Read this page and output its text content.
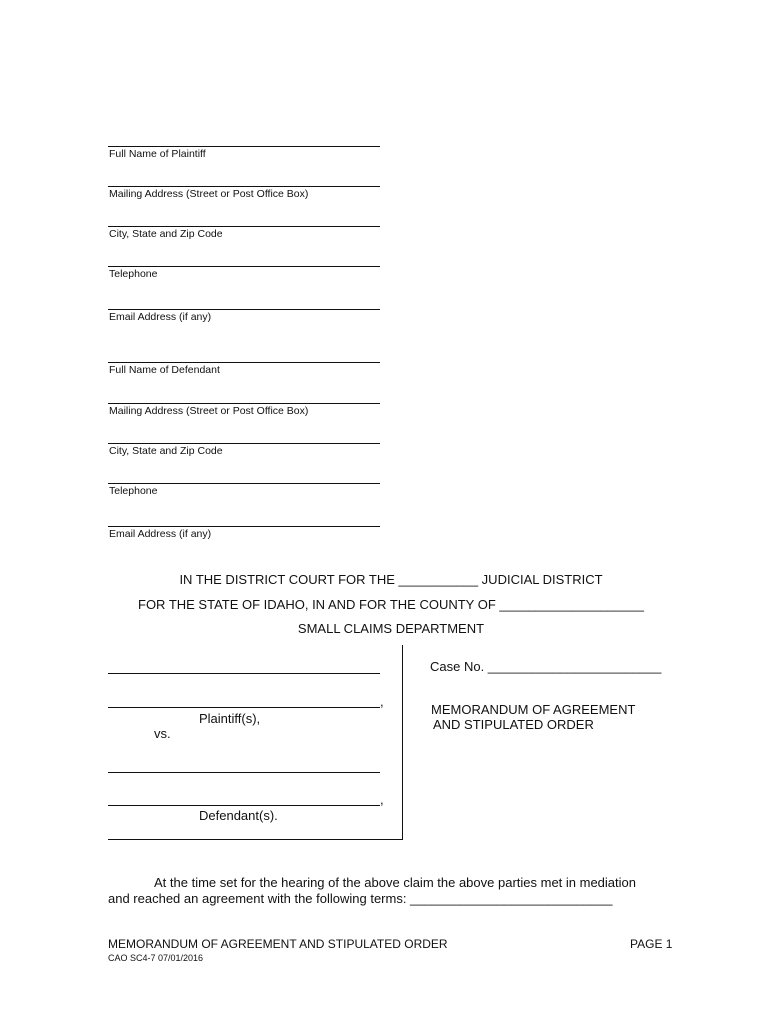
Full Name of Plaintiff
Mailing Address (Street or Post Office Box)
City, State and Zip Code
Telephone
Email Address (if any)
Full Name of Defendant
Mailing Address (Street or Post Office Box)
City, State and Zip Code
Telephone
Email Address (if any)
IN THE DISTRICT COURT FOR THE ___________ JUDICIAL DISTRICT
FOR THE STATE OF IDAHO, IN AND FOR THE COUNTY OF ____________________
SMALL CLAIMS DEPARTMENT
,
Plaintiff(s),
vs.
,
Defendant(s).
Case No. ________________________
MEMORANDUM OF AGREEMENT
AND STIPULATED ORDER
At the time set for the hearing of the above claim the above parties met in mediation
and reached an agreement with the following terms: ____________________________
MEMORANDUM OF AGREEMENT AND STIPULATED ORDER	PAGE 1
CAO SC4-7 07/01/2016
